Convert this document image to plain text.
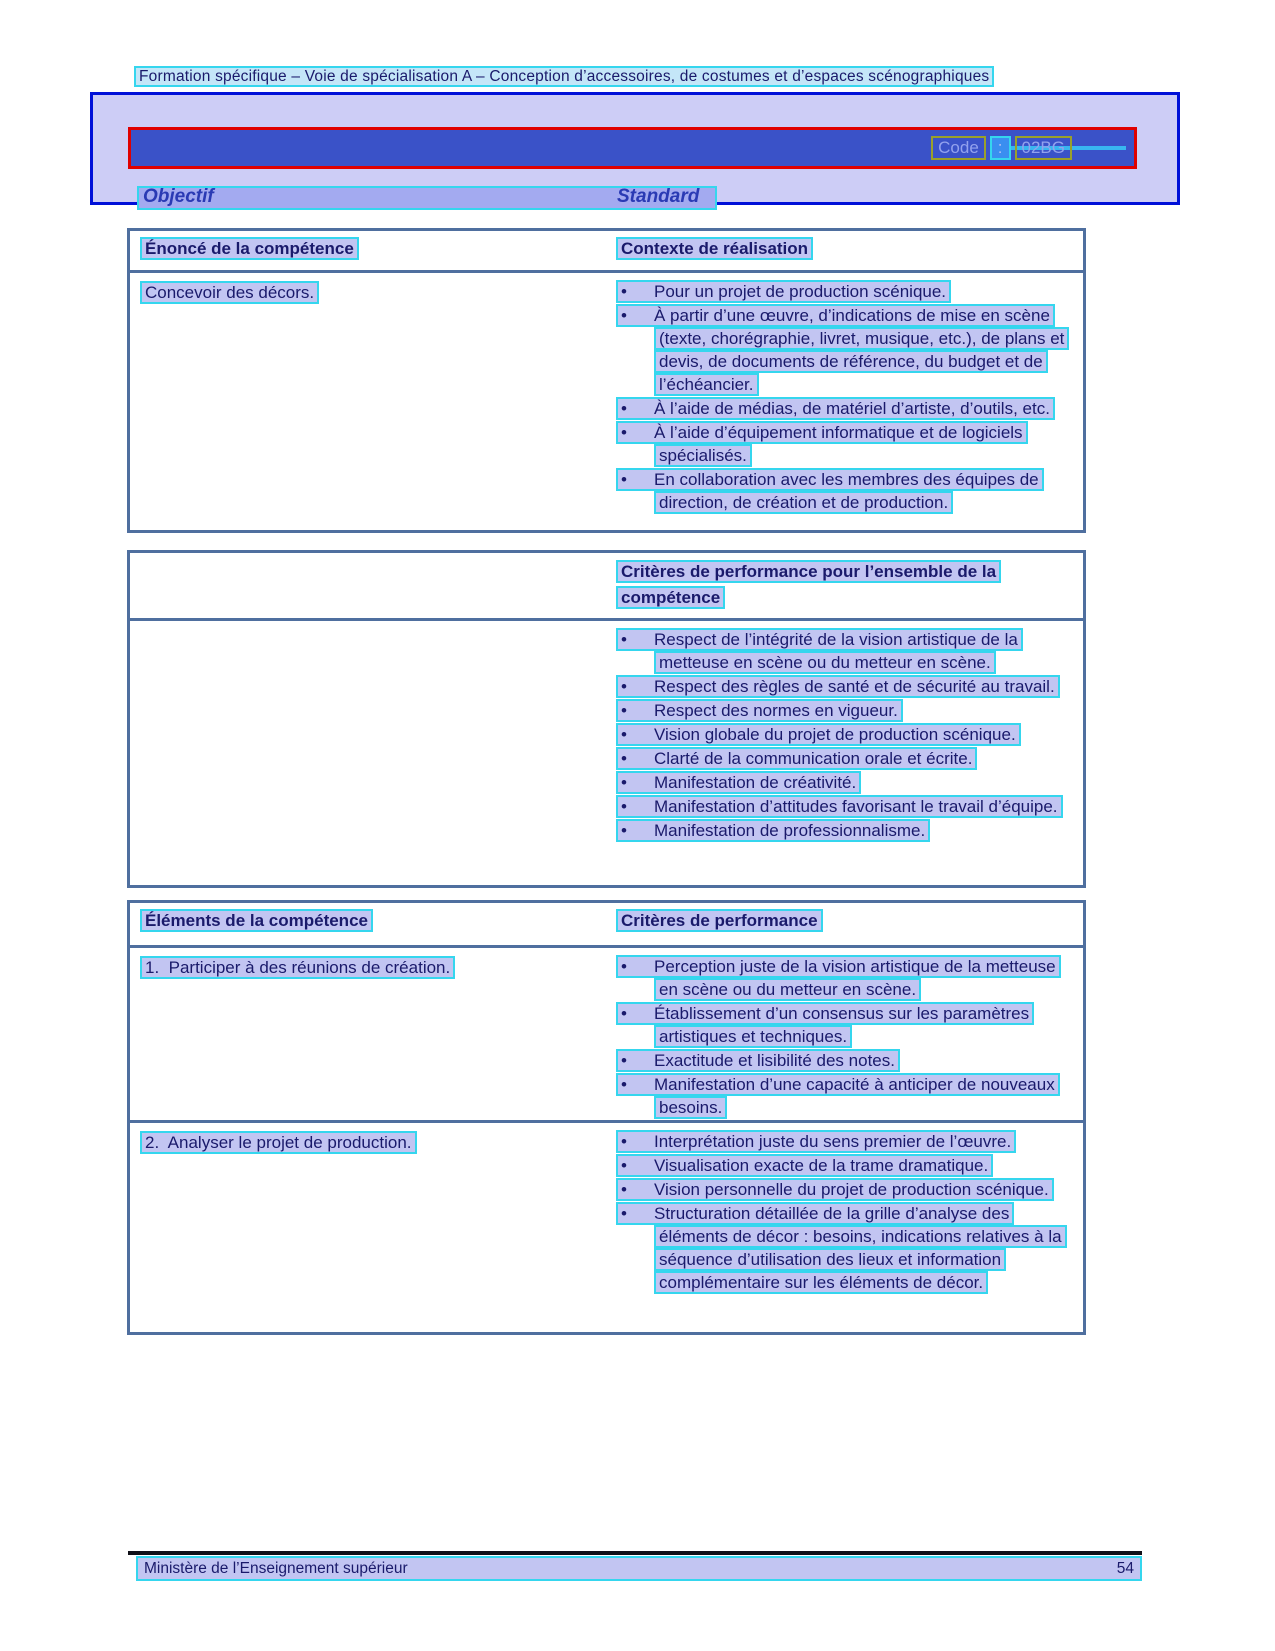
Formation spécifique – Voie de spécialisation A – Conception d’accessoires, de costumes et d’espaces scénographiques
Code	:	02BG
Objectif	Standard
Énoncé de la compétence	Contexte de réalisation
Concevoir des décors.	• Pour un projet de production scénique.
• À partir d’une œuvre, d’indications de mise en scène (texte, chorégraphie, livret, musique, etc.), de plans et devis, de documents de référence, du budget et de l’échéancier.
• À l’aide de médias, de matériel d’artiste, d’outils, etc.
• À l’aide d’équipement informatique et de logiciels spécialisés.
• En collaboration avec les membres des équipes de direction, de création et de production.
Critères de performance pour l’ensemble de la compétence
• Respect de l’intégrité de la vision artistique de la metteuse en scène ou du metteur en scène.
• Respect des règles de santé et de sécurité au travail.
• Respect des normes en vigueur.
• Vision globale du projet de production scénique.
• Clarté de la communication orale et écrite.
• Manifestation de créativité.
• Manifestation d’attitudes favorisant le travail d’équipe.
• Manifestation de professionnalisme.
Éléments de la compétence	Critères de performance
1.  Participer à des réunions de création.	• Perception juste de la vision artistique de la metteuse en scène ou du metteur en scène.
• Établissement d’un consensus sur les paramètres artistiques et techniques.
• Exactitude et lisibilité des notes.
• Manifestation d’une capacité à anticiper de nouveaux besoins.
2.  Analyser le projet de production.	• Interprétation juste du sens premier de l’œuvre.
• Visualisation exacte de la trame dramatique.
• Vision personnelle du projet de production scénique.
• Structuration détaillée de la grille d’analyse des éléments de décor : besoins, indications relatives à la séquence d’utilisation des lieux et information complémentaire sur les éléments de décor.
Ministère de l’Enseignement supérieur	54
